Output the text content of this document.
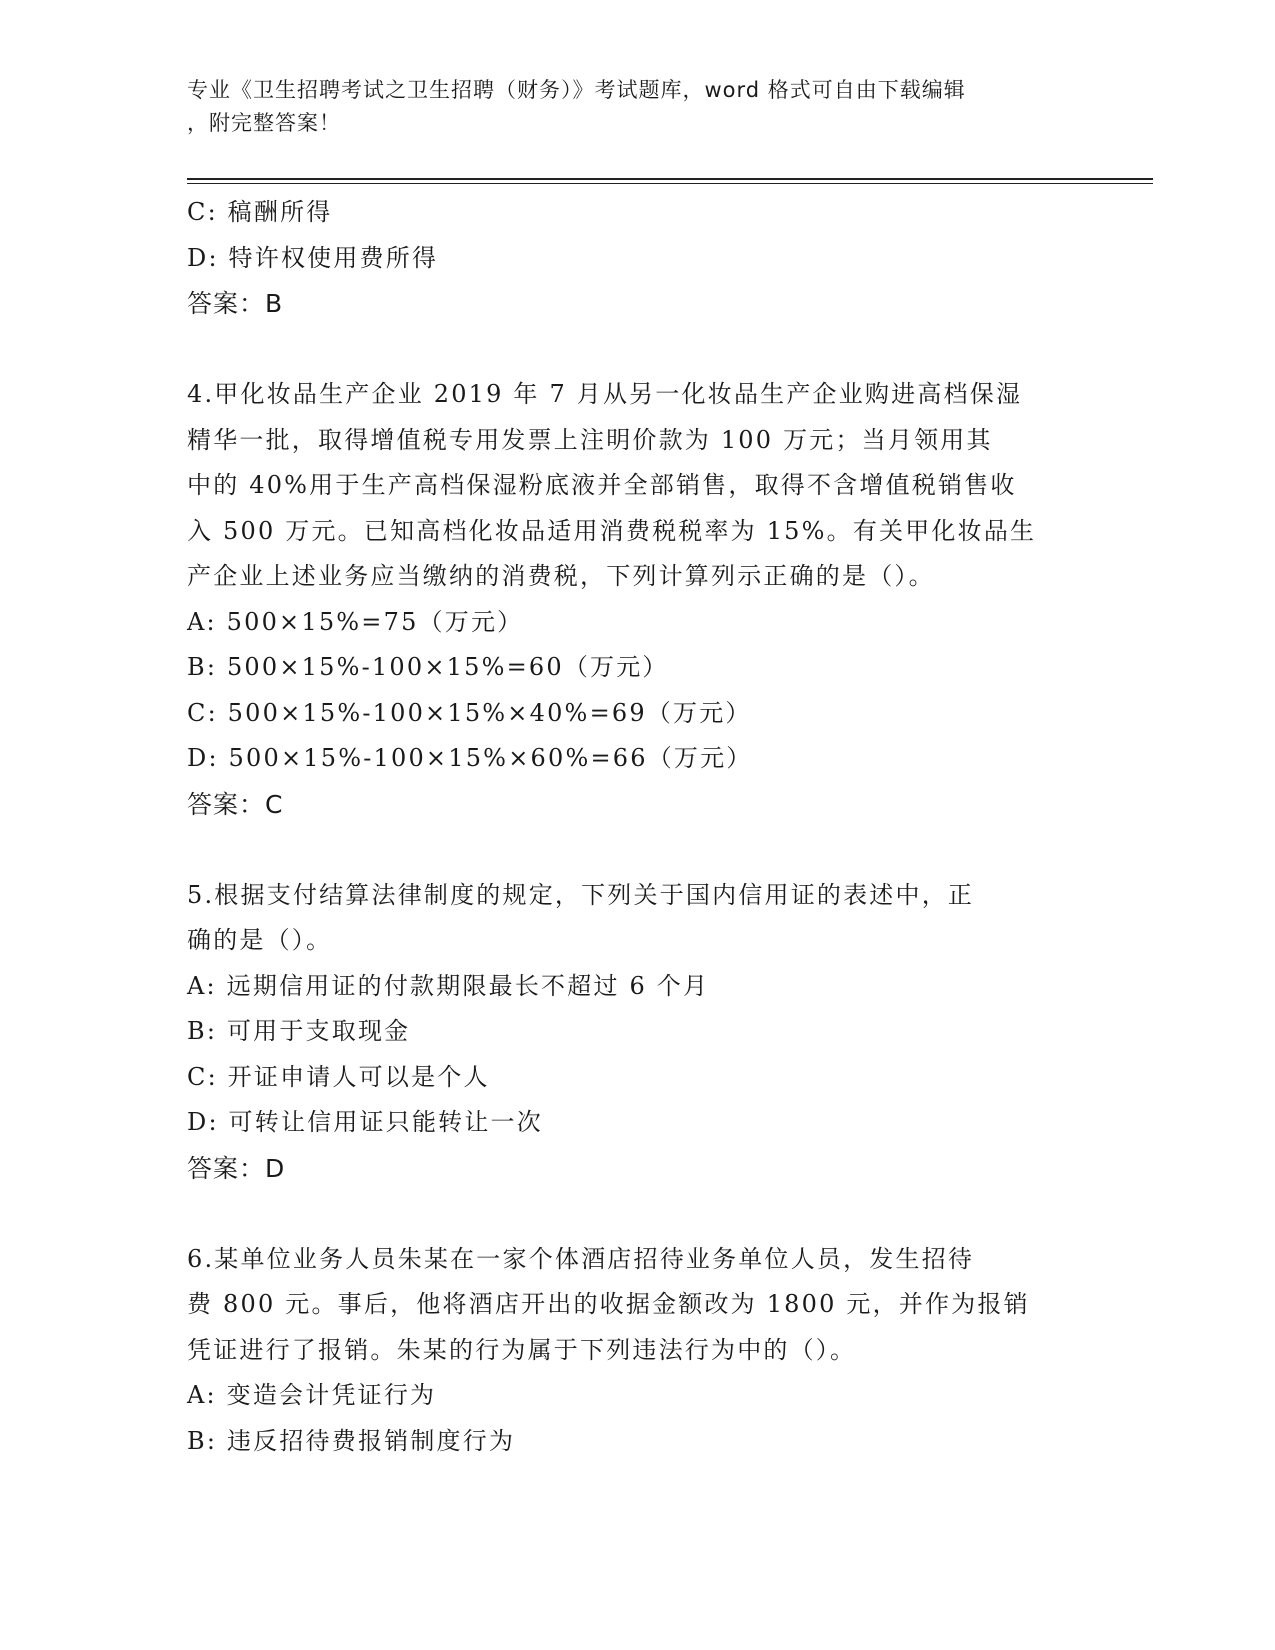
专业《卫生招聘考试之卫生招聘（财务）》考试题库，word 格式可自由下载编辑
，附完整答案！
C: 稿酬所得
D: 特许权使用费所得
答案：B
4.甲化妆品生产企业 2019 年 7 月从另一化妆品生产企业购进高档保湿
精华一批，取得增值税专用发票上注明价款为 100 万元；当月领用其
中的 40%用于生产高档保湿粉底液并全部销售，取得不含增值税销售收
入 500 万元。已知高档化妆品适用消费税税率为 15%。有关甲化妆品生
产企业上述业务应当缴纳的消费税，下列计算列示正确的是（）。
A: 500×15%=75（万元）
B: 500×15%-100×15%=60（万元）
C: 500×15%-100×15%×40%=69（万元）
D: 500×15%-100×15%×60%=66（万元）
答案：C
5.根据支付结算法律制度的规定，下列关于国内信用证的表述中，正
确的是（）。
A: 远期信用证的付款期限最长不超过 6 个月
B: 可用于支取现金
C: 开证申请人可以是个人
D: 可转让信用证只能转让一次
答案：D
6.某单位业务人员朱某在一家个体酒店招待业务单位人员，发生招待
费 800 元。事后，他将酒店开出的收据金额改为 1800 元，并作为报销
凭证进行了报销。朱某的行为属于下列违法行为中的（）。
A: 变造会计凭证行为
B: 违反招待费报销制度行为
